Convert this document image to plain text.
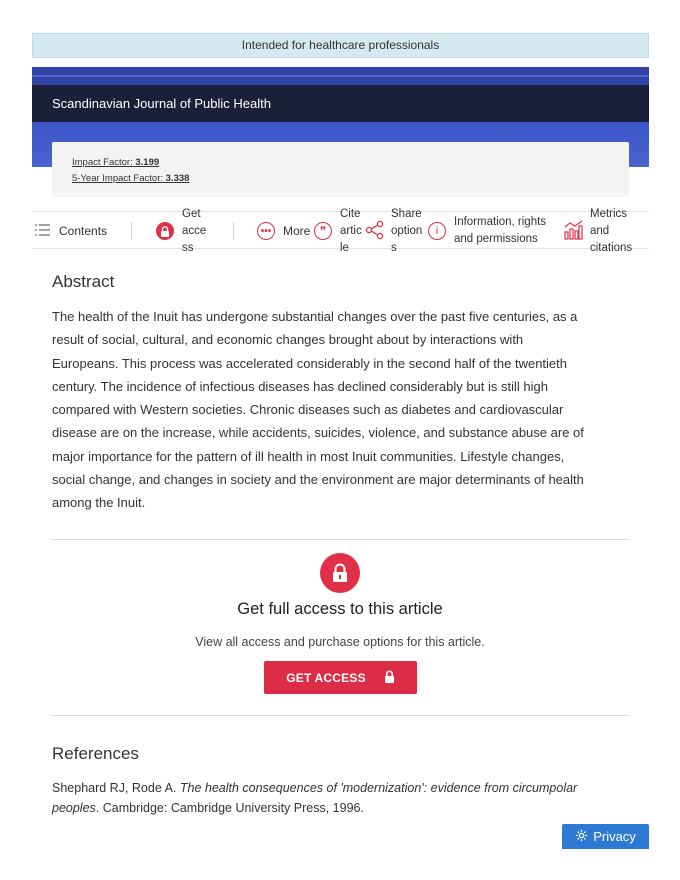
Intended for healthcare professionals
Scandinavian Journal of Public Health
Impact Factor: 3.199
5-Year Impact Factor: 3.338
Contents
Get
acce
ss
••• More ❞
Cite
artic
le
Share
option
s
i
Information, rights
and permissions
Metrics
and
citations
Abstract
The health of the Inuit has undergone substantial changes over the past five centuries, as a
result of social, cultural, and economic changes brought about by interactions with
Europeans. This process was accelerated considerably in the second half of the twentieth
century. The incidence of infectious diseases has declined considerably but is still high
compared with Western societies. Chronic diseases such as diabetes and cardiovascular
disease are on the increase, while accidents, suicides, violence, and substance abuse are of
major importance for the pattern of ill health in most Inuit communities. Lifestyle changes,
social change, and changes in society and the environment are major determinants of health
among the Inuit.
Get full access to this article
View all access and purchase options for this article.
GET ACCESS
References
Shephard RJ, Rode A. The health consequences of 'modernization': evidence from circumpolar
peoples. Cambridge: Cambridge University Press, 1996.
Privacy
